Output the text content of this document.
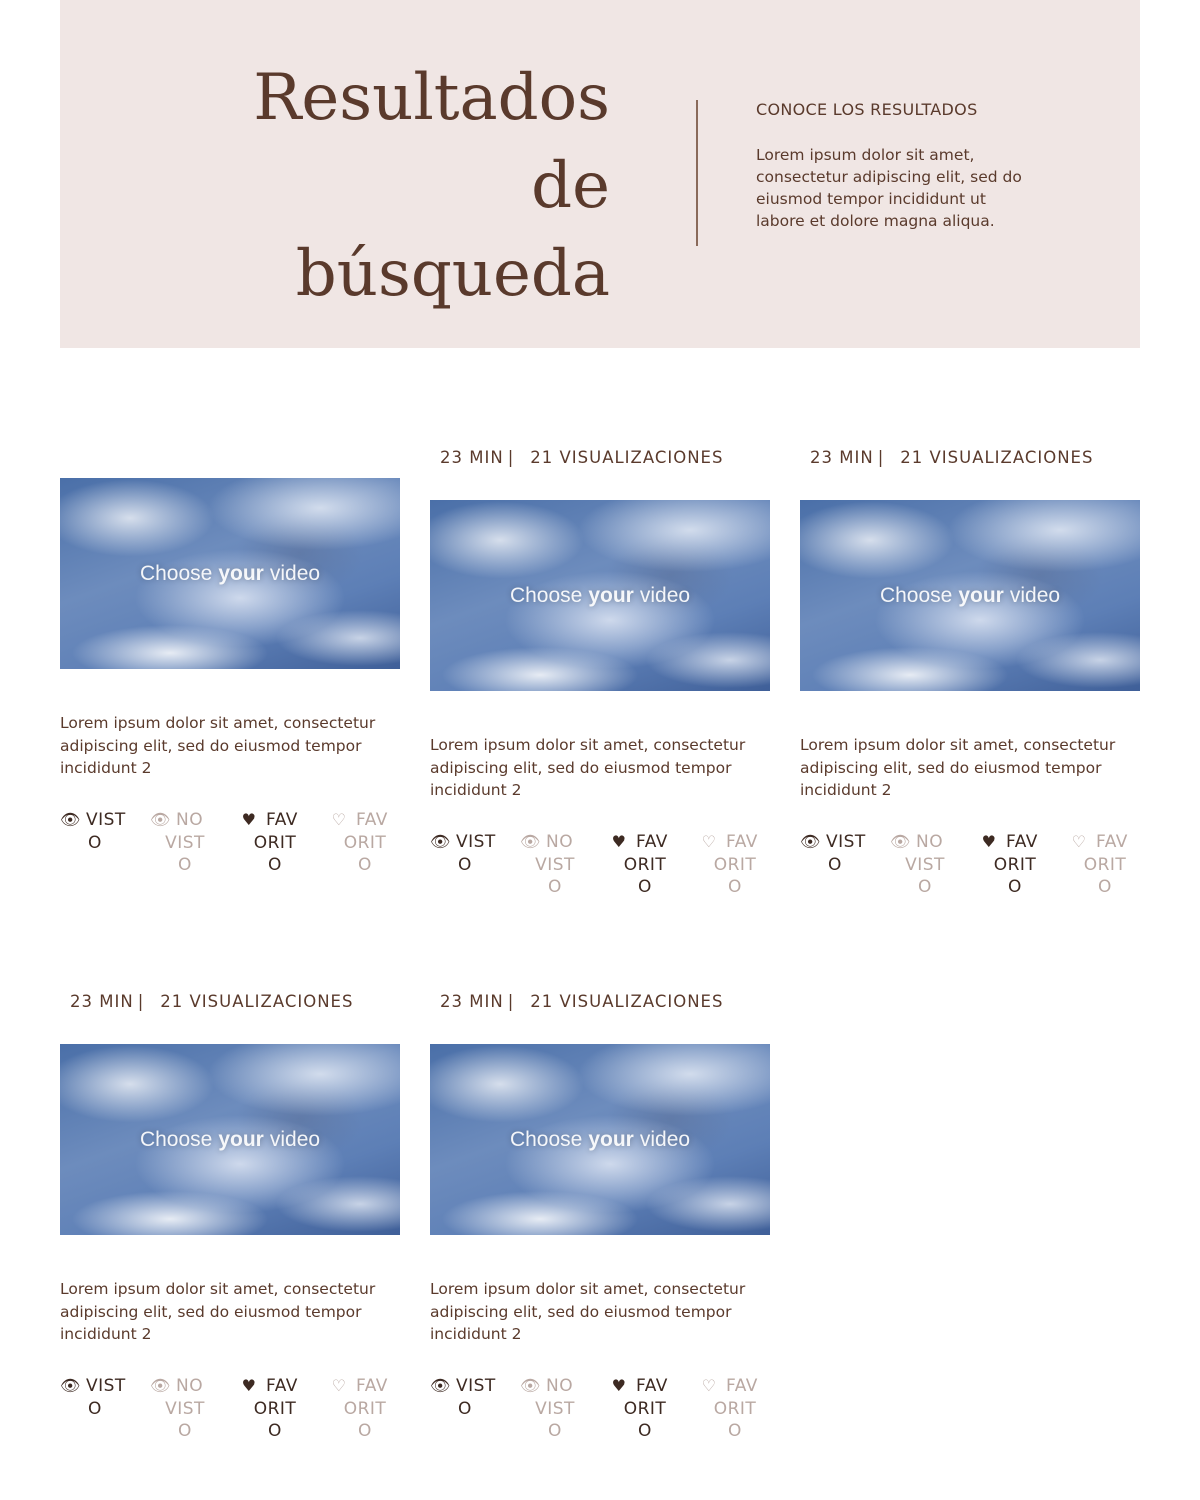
Resultados
de
búsqueda
CONOCE LOS RESULTADOS
Lorem ipsum dolor sit amet, consectetur adipiscing elit, sed do eiusmod tempor incididunt ut labore et dolore magna aliqua.
Choose your video
Lorem ipsum dolor sit amet, consectetur adipiscing elit, sed do eiusmod tempor incididunt 2
👁 VIST
O
👁 NO
VIST
O
♥ FAV
ORIT
O
♡ FAV
ORIT
O
23 MIN | 21 VISUALIZACIONES
Choose your video
Lorem ipsum dolor sit amet, consectetur adipiscing elit, sed do eiusmod tempor incididunt 2
👁 VIST
O
👁 NO
VIST
O
♥ FAV
ORIT
O
♡ FAV
ORIT
O
23 MIN | 21 VISUALIZACIONES
Choose your video
Lorem ipsum dolor sit amet, consectetur adipiscing elit, sed do eiusmod tempor incididunt 2
👁 VIST
O
👁 NO
VIST
O
♥ FAV
ORIT
O
♡ FAV
ORIT
O
23 MIN | 21 VISUALIZACIONES
Choose your video
Lorem ipsum dolor sit amet, consectetur adipiscing elit, sed do eiusmod tempor incididunt 2
👁 VIST
O
👁 NO
VIST
O
♥ FAV
ORIT
O
♡ FAV
ORIT
O
23 MIN | 21 VISUALIZACIONES
Choose your video
Lorem ipsum dolor sit amet, consectetur adipiscing elit, sed do eiusmod tempor incididunt 2
👁 VIST
O
👁 NO
VIST
O
♥ FAV
ORIT
O
♡ FAV
ORIT
O
